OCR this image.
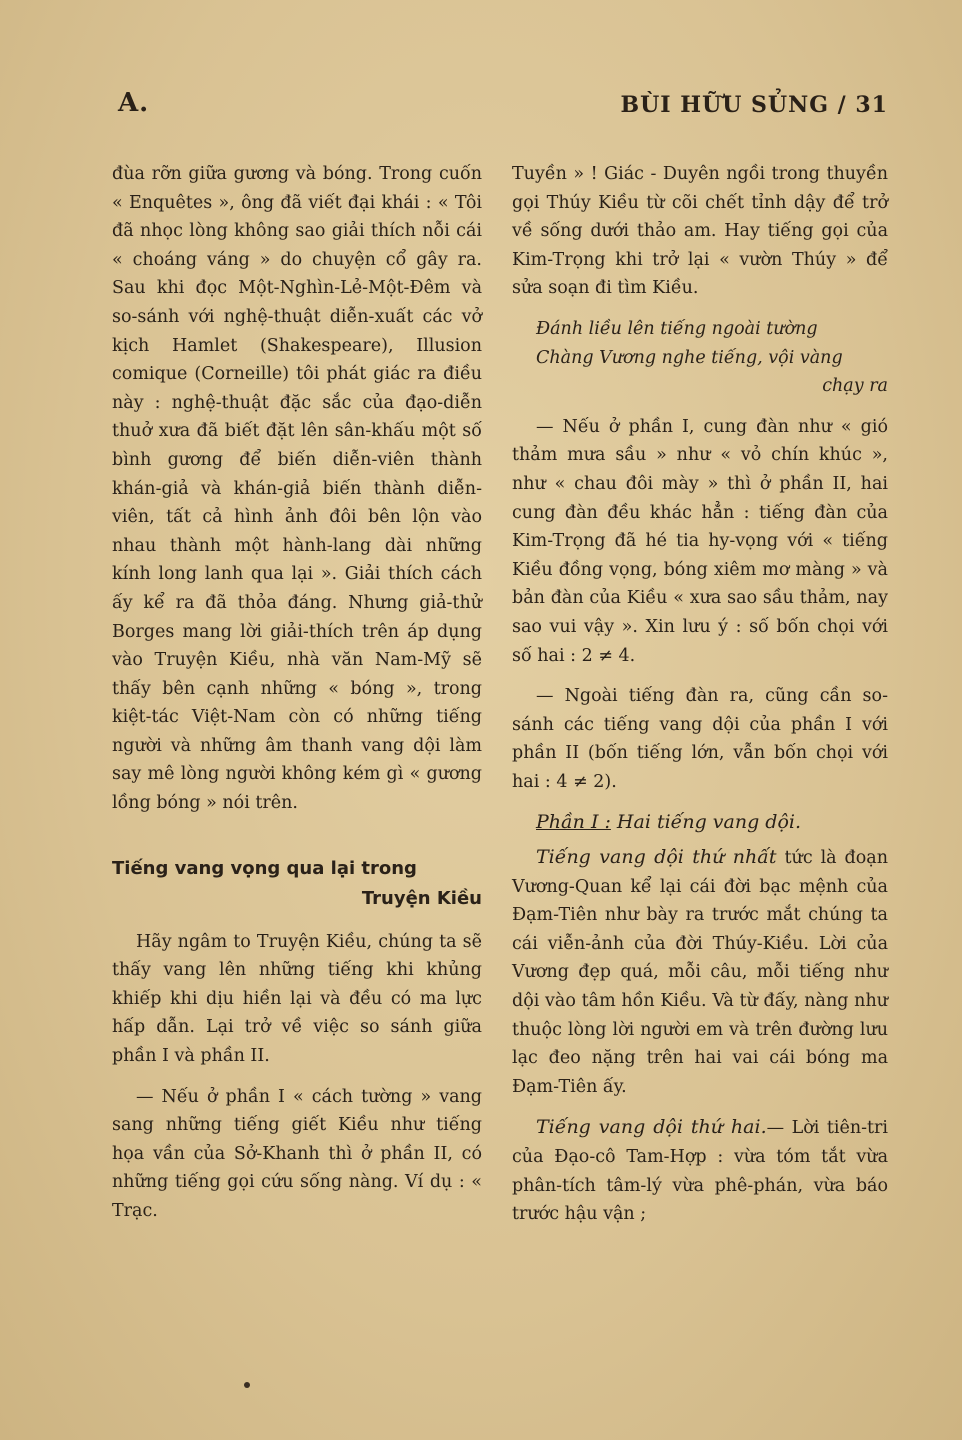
A.	BÙI HỮU SỦNG / 31

đùa rỡn giữa gương và bóng. Trong cuốn « Enquêtes », ông đã viết đại khái : « Tôi đã nhọc lòng không sao giải thích nỗi cái « choáng váng » do chuyện cổ gây ra. Sau khi đọc Một-Nghìn-Lẻ-Một-Đêm và so-sánh với nghệ-thuật diễn-xuất các vở kịch Hamlet (Shakespeare), Illusion comique (Corneille) tôi phát giác ra điều này : nghệ-thuật đặc sắc của đạo-diễn thuở xưa đã biết đặt lên sân-khấu một số bình gương để biến diễn-viên thành khán-giả và khán-giả biến thành diễn-viên, tất cả hình ảnh đôi bên lộn vào nhau thành một hành-lang dài những kính long lanh qua lại ». Giải thích cách ấy kể ra đã thỏa đáng. Nhưng giả-thử Borges mang lời giải-thích trên áp dụng vào Truyện Kiều, nhà văn Nam-Mỹ sẽ thấy bên cạnh những « bóng », trong kiệt-tác Việt-Nam còn có những tiếng người và những âm thanh vang dội làm say mê lòng người không kém gì « gương lồng bóng » nói trên.

Tiếng vang vọng qua lại trong
Truyện Kiều

Hãy ngâm to Truyện Kiều, chúng ta sẽ thấy vang lên những tiếng khi khủng khiếp khi dịu hiền lại và đều có ma lực hấp dẫn. Lại trở về việc so sánh giữa phần I và phần II.

— Nếu ở phần I « cách tường » vang sang những tiếng giết Kiều như tiếng họa vần của Sở-Khanh thì ở phần II, có những tiếng gọi cứu sống nàng. Ví dụ : « Trạc.

Tuyền » ! Giác - Duyên ngồi trong thuyền gọi Thúy Kiều từ cõi chết tỉnh dậy để trở về sống dưới thảo am. Hay tiếng gọi của Kim-Trọng khi trở lại « vườn Thúy » để sửa soạn đi tìm Kiều.

Đánh liều lên tiếng ngoài tường
Chàng Vương nghe tiếng, vội vàng
chạy ra

— Nếu ở phần I, cung đàn như « gió thảm mưa sầu » như « vỏ chín khúc », như « chau đôi mày » thì ở phần II, hai cung đàn đều khác hẳn : tiếng đàn của Kim-Trọng đã hé tia hy-vọng với « tiếng Kiều đồng vọng, bóng xiêm mơ màng » và bản đàn của Kiều « xưa sao sầu thảm, nay sao vui vậy ». Xin lưu ý : số bốn chọi với số hai : 2 ≠ 4.

— Ngoài tiếng đàn ra, cũng cần so-sánh các tiếng vang dội của phần I với phần II (bốn tiếng lớn, vẫn bốn chọi với hai : 4 ≠ 2).

Phần I : Hai tiếng vang dội.

Tiếng vang dội thứ nhất tức là đoạn Vương-Quan kể lại cái đời bạc mệnh của Đạm-Tiên như bày ra trước mắt chúng ta cái viễn-ảnh của đời Thúy-Kiều. Lời của Vương đẹp quá, mỗi câu, mỗi tiếng như dội vào tâm hồn Kiều. Và từ đấy, nàng như thuộc lòng lời người em và trên đường lưu lạc đeo nặng trên hai vai cái bóng ma Đạm-Tiên ấy.

Tiếng vang dội thứ hai.— Lời tiên-tri của Đạo-cô Tam-Hợp : vừa tóm tắt vừa phân-tích tâm-lý vừa phê-phán, vừa báo trước hậu vận ;
